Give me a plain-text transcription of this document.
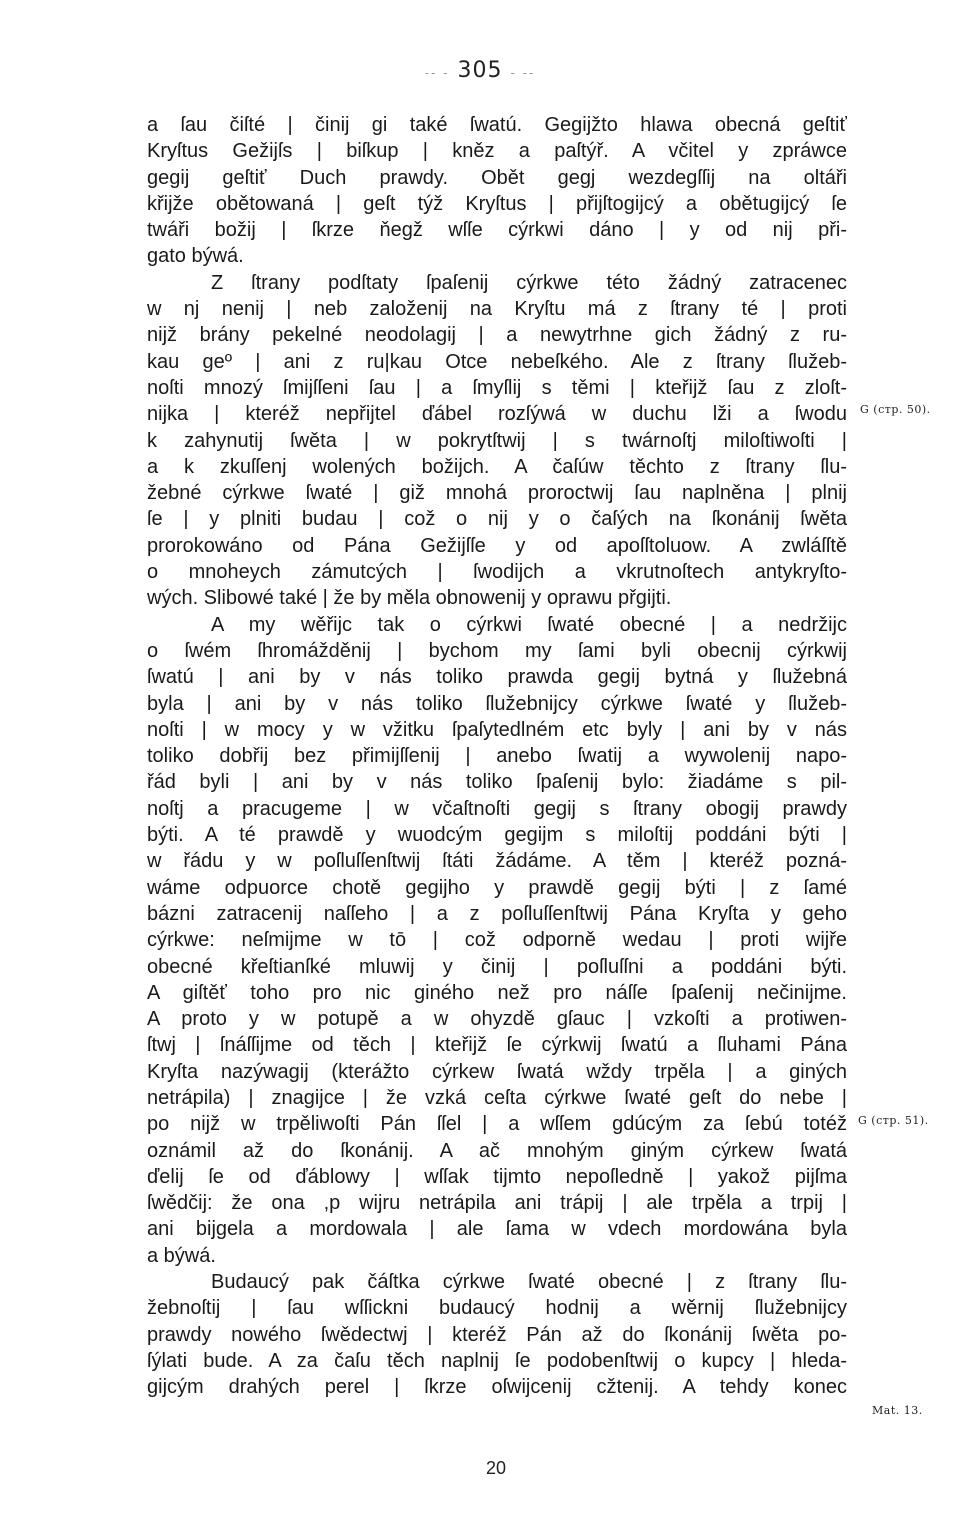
-- - 305 - --
a ſau čiſté | činij gi také ſwatú. Gegijžto hlawa obecná geſtiť
Kryſtus Gežijſs | biſkup | kněz a paſtýř. A včitel y zpráwce
gegij geſtiť Duch prawdy. Obět gegj wezdegſſij na oltáři
křijže obětowaná | geſt týž Kryſtus | přijſtogijcý a obětugijcý ſe
twáři božij | ſkrze ňegž wſſe cýrkwi dáno | y od nij při-
gato býwá.
Z ſtrany podſtaty ſpaſenij cýrkwe této žádný zatracenec
w nj nenij | neb založenij na Kryſtu má z ſtrany té | proti
nijž brány pekelné neodolagij | a newytrhne gich žádný z ru-
kau geº | ani z ru|kau Otce nebeſkého. Ale z ſtrany ſlužeb-
noſti mnozý ſmijſſeni ſau | a ſmyſlij s těmi | kteřijž ſau z zloſt-
nijka | kteréž nepřijtel ďábel rozſýwá w duchu lži a ſwodu
k zahynutij ſwěta | w pokrytſtwij | s twárnoſtj miloſtiwoſti |
a k zkuſſenj wolených božijch. A čaſúw těchto z ſtrany ſlu-
žebné cýrkwe ſwaté | giž mnohá proroctwij ſau naplněna | plnij
ſe | y plniti budau | což o nij y o čaſých na ſkonánij ſwěta
prorokowáno od Pána Gežijſſe y od apoſſtoluow. A zwláſſtě
o mnoheych zámutcých | ſwodijch a vkrutnoſtech antykryſto-
wých. Slibowé také | že by měla obnowenij y oprawu přgijti.
A my wěřijc tak o cýrkwi ſwaté obecné | a nedržijc
o ſwém ſhromážděnij | bychom my ſami byli obecnij cýrkwij
ſwatú | ani by v nás toliko prawda gegij bytná y ſlužebná
byla | ani by v nás toliko ſlužebnijcy cýrkwe ſwaté y ſlužeb-
noſti | w mocy y w vžitku ſpaſytedlném etc byly | ani by v nás
toliko dobřij bez přimijſſenij | anebo ſwatij a wywolenij napo-
řád byli | ani by v nás toliko ſpaſenij bylo: žiadáme s pil-
noſtj a pracugeme | w včaſtnoſti gegij s ſtrany obogij prawdy
býti. A té prawdě y wuodcým gegijm s miloſtij poddáni býti |
w řádu y w poſluſſenſtwij ſtáti žádáme. A těm | kteréž pozná-
wáme odpuorce chotě gegijho y prawdě gegij býti | z ſamé
bázni zatracenij naſſeho | a z poſluſſenſtwij Pána Kryſta y geho
cýrkwe: neſmijme w tō | což odporně wedau | proti wijře
obecné křeſtianſké mluwij y činij | poſluſſni a poddáni býti.
A giſtěť toho pro nic giného než pro náſſe ſpaſenij nečinijme.
A proto y w potupě a w ohyzdě gſauc | vzkoſti a protiwen-
ſtwj | ſnáſſijme od těch | kteřijž ſe cýrkwij ſwatú a ſluhami Pána
Kryſta nazýwagij (kterážto cýrkew ſwatá wždy trpěla | a giných
netrápila) | znagijce | že vzká ceſta cýrkwe ſwaté geſt do nebe |
po nijž w trpěliwoſti Pán ſſel | a wſſem gdúcým za ſebú totéž
oznámil až do ſkonánij. A ač mnohým giným cýrkew ſwatá
ďelij ſe od ďáblowy | wſſak tijmto nepoſledně | yakož pijſma
ſwědčij: že ona ,p wijru netrápila ani trápij | ale trpěla a trpij |
ani bijgela a mordowala | ale ſama w vdech mordowána byla
a býwá.
Budaucý pak čáſtka cýrkwe ſwaté obecné | z ſtrany ſlu-
žebnoſtij | ſau wſſickni budaucý hodnij a wěrnij ſlužebnijcy
prawdy nowého ſwědectwj | kteréž Pán až do ſkonánij ſwěta po-
ſýlati bude. A za čaſu těch naplnij ſe podobenſtwij o kupcy | hleda-
gijcým drahých perel | ſkrze oſwijcenij cžtenij. A tehdy konec
G (стр. 50).
G (стр. 51).
Mat. 13.
20
